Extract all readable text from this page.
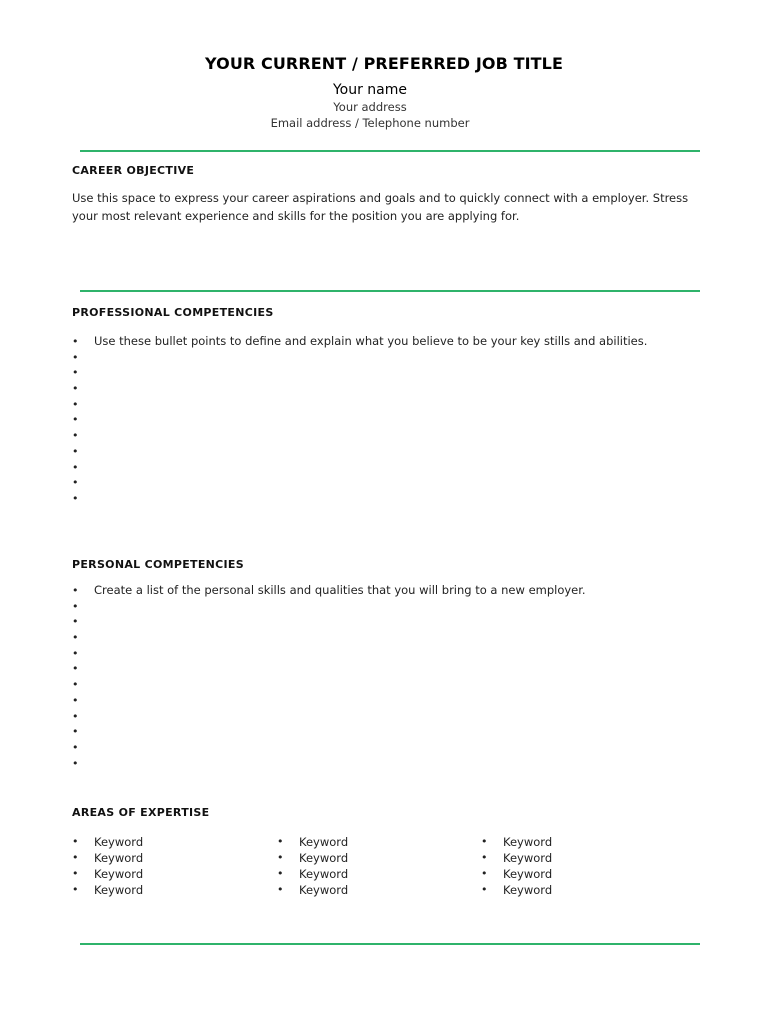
YOUR CURRENT / PREFERRED JOB TITLE
Your name
Your address
Email address / Telephone number
CAREER OBJECTIVE
Use this space to express your career aspirations and goals and to quickly connect with a employer. Stress your most relevant experience and skills for the position you are applying for.
PROFESSIONAL COMPETENCIES
•	Use these bullet points to define and explain what you believe to be your key stills and abilities.
•
•
•
•
•
•
•
•
•
•
PERSONAL COMPETENCIES
•	Create a list of the personal skills and qualities that you will bring to a new employer.
•
•
•
•
•
•
•
•
•
•
•
AREAS OF EXPERTISE
• Keyword
• Keyword
• Keyword
• Keyword
• Keyword
• Keyword
• Keyword
• Keyword
• Keyword
• Keyword
• Keyword
• Keyword
